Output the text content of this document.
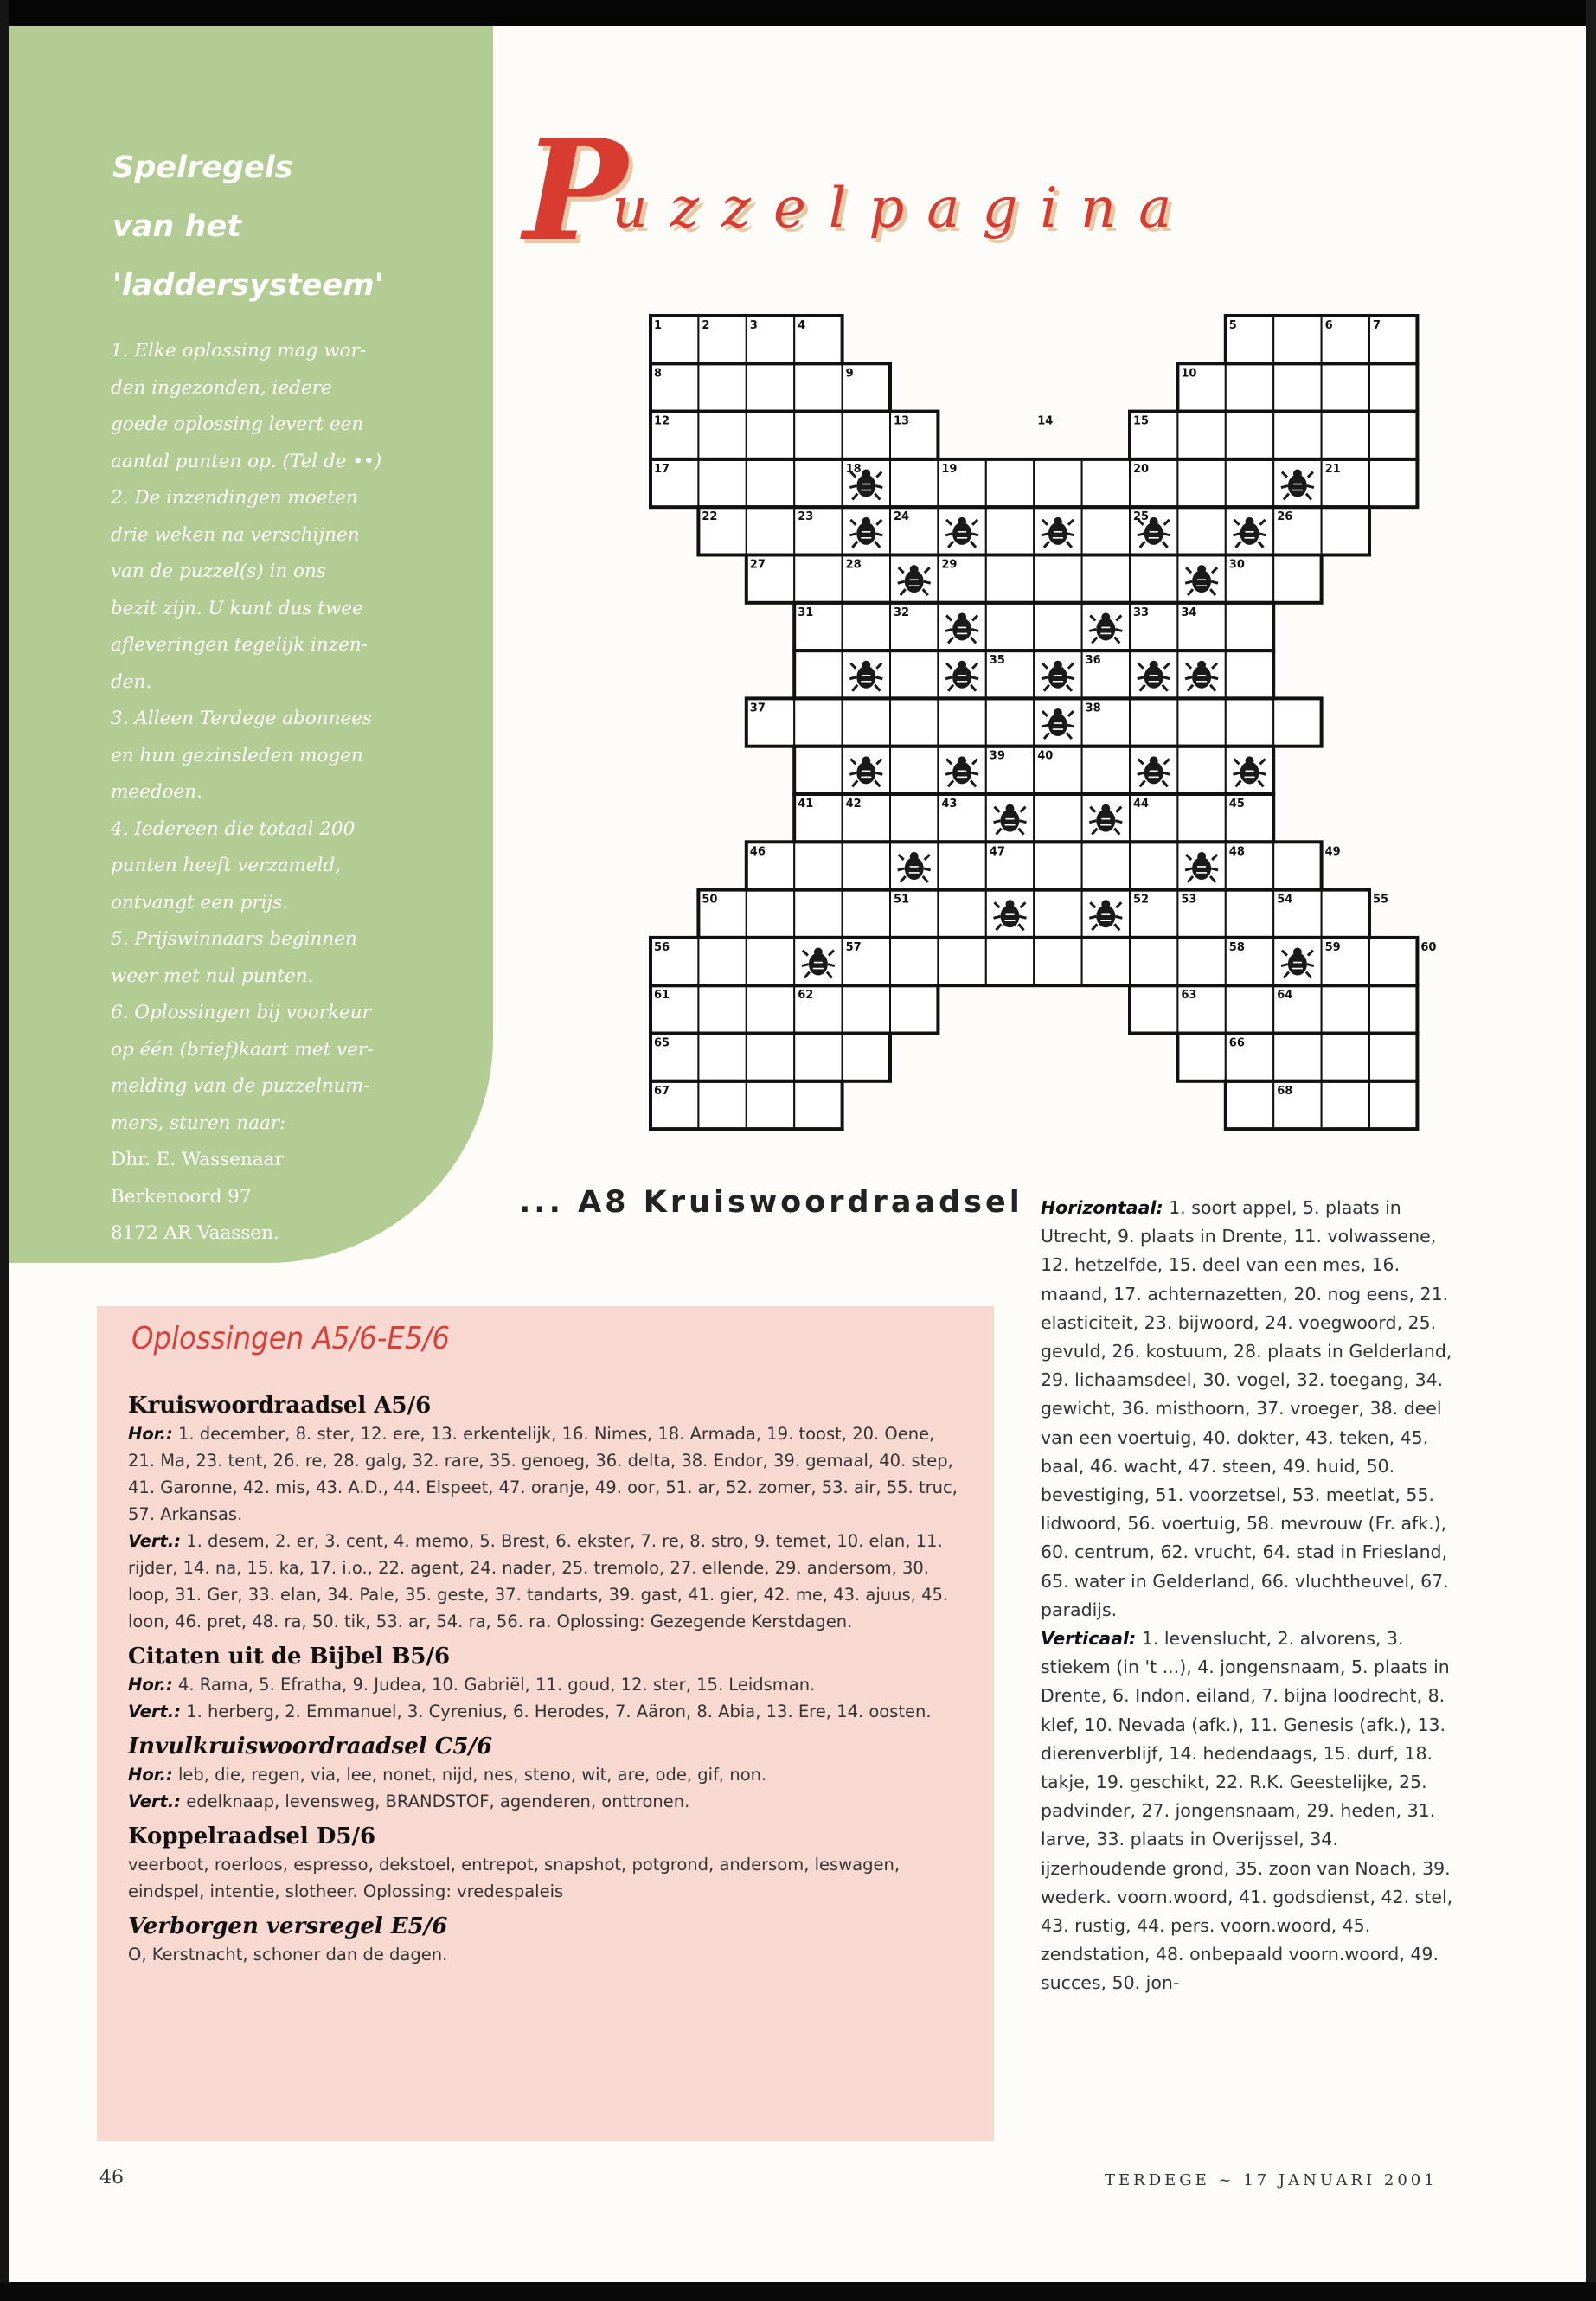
Spelregels
van het
'laddersysteem'
1. Elke oplossing mag wor-
den ingezonden, iedere
goede oplossing levert een
aantal punten op. (Tel de ••)
2. De inzendingen moeten
drie weken na verschijnen
van de puzzel(s) in ons
bezit zijn. U kunt dus twee
afleveringen tegelijk inzen-
den.
3. Alleen Terdege abonnees
en hun gezinsleden mogen
meedoen.
4. Iedereen die totaal 200
punten heeft verzameld,
ontvangt een prijs.
5. Prijswinnaars beginnen
weer met nul punten.
6. Oplossingen bij voorkeur
op één (brief)kaart met ver-
melding van de puzzelnum-
mers, sturen naar:
Dhr. E. Wassenaar
Berkenoord 97
8172 AR Vaassen.
P
uzzelpagina
1	2	3	4	5	6	7
8	9	10
12	13	14	15
17	18	19	20	21
22	23	24	25	26
27	28	29	30
31	32	33	34
35	36
37	38
39	40
41	42	43	44	45
46	47	48	49
50	51	52	53	54	55
56	57	58	59	60
61	62	63	64
65	66
67	68
... A8 Kruiswoordraadsel Horizontaal: 1. soort appel, 5. plaats in Utrecht, 9. plaats in Drente, 11. volwassene, 12. hetzelfde, 15. deel van een mes, 16. maand, 17. achternazetten, 20. nog eens, 21. elasticiteit, 23. bijwoord, 24. voegwoord, 25. gevuld, 26. kostuum, 28. plaats in Gelderland, 29. lichaamsdeel, 30. vogel, 32. toegang, 34. gewicht, 36. misthoorn, 37. vroeger, 38. deel van een voertuig, 40. dokter, 43. teken, 45. baal, 46. wacht, 47. steen, 49. huid, 50. bevestiging, 51. voorzetsel, 53. meetlat, 55. lidwoord, 56. voertuig, 58. mevrouw (Fr. afk.), 60. centrum, 62. vrucht, 64. stad in Friesland, 65. water in Gelderland, 66. vluchtheuvel, 67. paradijs.
Verticaal: 1. levenslucht, 2. alvorens, 3. stiekem (in 't ...), 4. jongensnaam, 5. plaats in Drente, 6. Indon. eiland, 7. bijna loodrecht, 8. klef, 10. Nevada (afk.), 11. Genesis (afk.), 13. dierenverblijf, 14. hedendaags, 15. durf, 18. takje, 19. geschikt, 22. R.K. Geestelijke, 25. padvinder, 27. jongensnaam, 29. heden, 31. larve, 33. plaats in Overijssel, 34. ijzerhoudende grond, 35. zoon van Noach, 39. wederk. voorn.woord, 41. godsdienst, 42. stel, 43. rustig, 44. pers. voorn.woord, 45. zendstation, 48. onbepaald voorn.woord, 49. succes, 50. jon-
Oplossingen A5/6-E5/6
Kruiswoordraadsel A5/6

Hor.: 1. december, 8. ster, 12. ere, 13. erkentelijk, 16. Nimes, 18. Armada, 19. toost, 20. Oene, 21. Ma, 23. tent, 26. re, 28. galg, 32. rare, 35. genoeg, 36. delta, 38. Endor, 39. gemaal, 40. step, 41. Garonne, 42. mis, 43. A.D., 44. Elspeet, 47. oranje, 49. oor, 51. ar, 52. zomer, 53. air, 55. truc, 57. Arkansas.

Vert.: 1. desem, 2. er, 3. cent, 4. memo, 5. Brest, 6. ekster, 7. re, 8. stro, 9. temet, 10. elan, 11. rijder, 14. na, 15. ka, 17. i.o., 22. agent, 24. nader, 25. tremolo, 27. ellende, 29. andersom, 30. loop, 31. Ger, 33. elan, 34. Pale, 35. geste, 37. tandarts, 39. gast, 41. gier, 42. me, 43. ajuus, 45. loon, 46. pret, 48. ra, 50. tik, 53. ar, 54. ra, 56. ra. Oplossing: Gezegende Kerstdagen.

Citaten uit de Bijbel B5/6

Hor.: 4. Rama, 5. Efratha, 9. Judea, 10. Gabriël, 11. goud, 12. ster, 15. Leidsman.

Vert.: 1. herberg, 2. Emmanuel, 3. Cyrenius, 6. Herodes, 7. Aäron, 8. Abia, 13. Ere, 14. oosten.

Invulkruiswoordraadsel C5/6

Hor.: leb, die, regen, via, lee, nonet, nijd, nes, steno, wit, are, ode, gif, non.

Vert.: edelknaap, levensweg, BRANDSTOF, agenderen, onttronen.

Koppelraadsel D5/6

veerboot, roerloos, espresso, dekstoel, entrepot, snapshot, potgrond, andersom, leswagen, eindspel, intentie, slotheer. Oplossing: vredespaleis

Verborgen versregel E5/6

O, Kerstnacht, schoner dan de dagen.

46	TERDEGE ~ 17 JANUARI 2001
